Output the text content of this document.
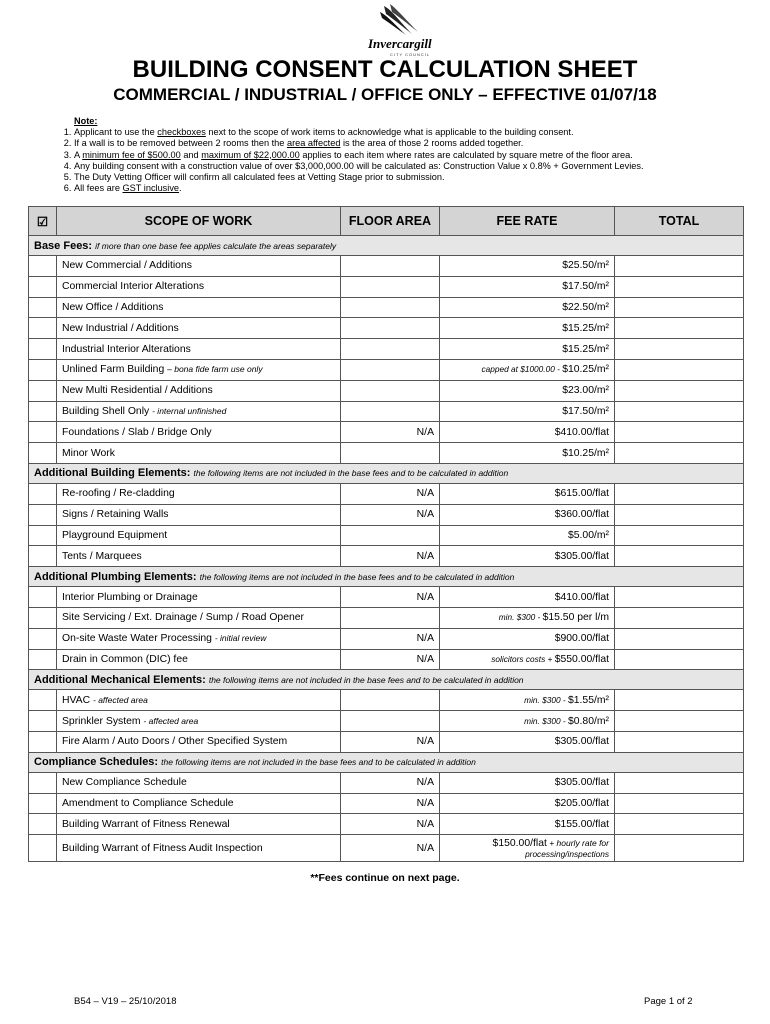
Invercargill
CITY COUNCIL
BUILDING CONSENT CALCULATION SHEET
COMMERCIAL / INDUSTRIAL / OFFICE ONLY – EFFECTIVE 01/07/18
Note:
1. Applicant to use the checkboxes next to the scope of work items to acknowledge what is applicable to the building consent.
2. If a wall is to be removed between 2 rooms then the area affected is the area of those 2 rooms added together.
3. A minimum fee of $500.00 and maximum of $22,000.00 applies to each item where rates are calculated by square metre of the floor area.
4. Any building consent with a construction value of over $3,000,000.00 will be calculated as: Construction Value x 0.8% + Government Levies.
5. The Duty Vetting Officer will confirm all calculated fees at Vetting Stage prior to submission.
6. All fees are GST inclusive.
☑	SCOPE OF WORK	FLOOR AREA	FEE RATE	TOTAL
Base Fees: if more than one base fee applies calculate the areas separately				
	New Commercial / Additions		$25.50/m²	
	Commercial Interior Alterations		$17.50/m²	
	New Office / Additions		$22.50/m²	
	New Industrial / Additions		$15.25/m²	
	Industrial Interior Alterations		$15.25/m²	
	Unlined Farm Building – bona fide farm use only		capped at $1000.00 - $10.25/m²	
	New Multi Residential / Additions		$23.00/m²	
	Building Shell Only - internal unfinished		$17.50/m²	
	Foundations / Slab / Bridge Only	N/A	$410.00/flat	
	Minor Work		$10.25/m²	
Additional Building Elements: the following items are not included in the base fees and to be calculated in addition				
	Re-roofing / Re-cladding	N/A	$615.00/flat	
	Signs / Retaining Walls	N/A	$360.00/flat	
	Playground Equipment		$5.00/m²	
	Tents / Marquees	N/A	$305.00/flat	
Additional Plumbing Elements: the following items are not included in the base fees and to be calculated in addition				
	Interior Plumbing or Drainage	N/A	$410.00/flat	
	Site Servicing / Ext. Drainage / Sump / Road Opener		min. $300 - $15.50 per l/m	
	On-site Waste Water Processing - initial review	N/A	$900.00/flat	
	Drain in Common (DIC) fee	N/A	solicitors costs + $550.00/flat	
Additional Mechanical Elements: the following items are not included in the base fees and to be calculated in addition				
	HVAC - affected area		min. $300 - $1.55/m²	
	Sprinkler System - affected area		min. $300 - $0.80/m²	
	Fire Alarm / Auto Doors / Other Specified System	N/A	$305.00/flat	
Compliance Schedules: the following items are not included in the base fees and to be calculated in addition				
	New Compliance Schedule	N/A	$305.00/flat	
	Amendment to Compliance Schedule	N/A	$205.00/flat	
	Building Warrant of Fitness Renewal	N/A	$155.00/flat	
	Building Warrant of Fitness Audit Inspection	N/A	$150.00/flat + hourly rate for
processing/inspections	

**Fees continue on next page.
B54 – V19 – 25/10/2018	Page 1 of 2
